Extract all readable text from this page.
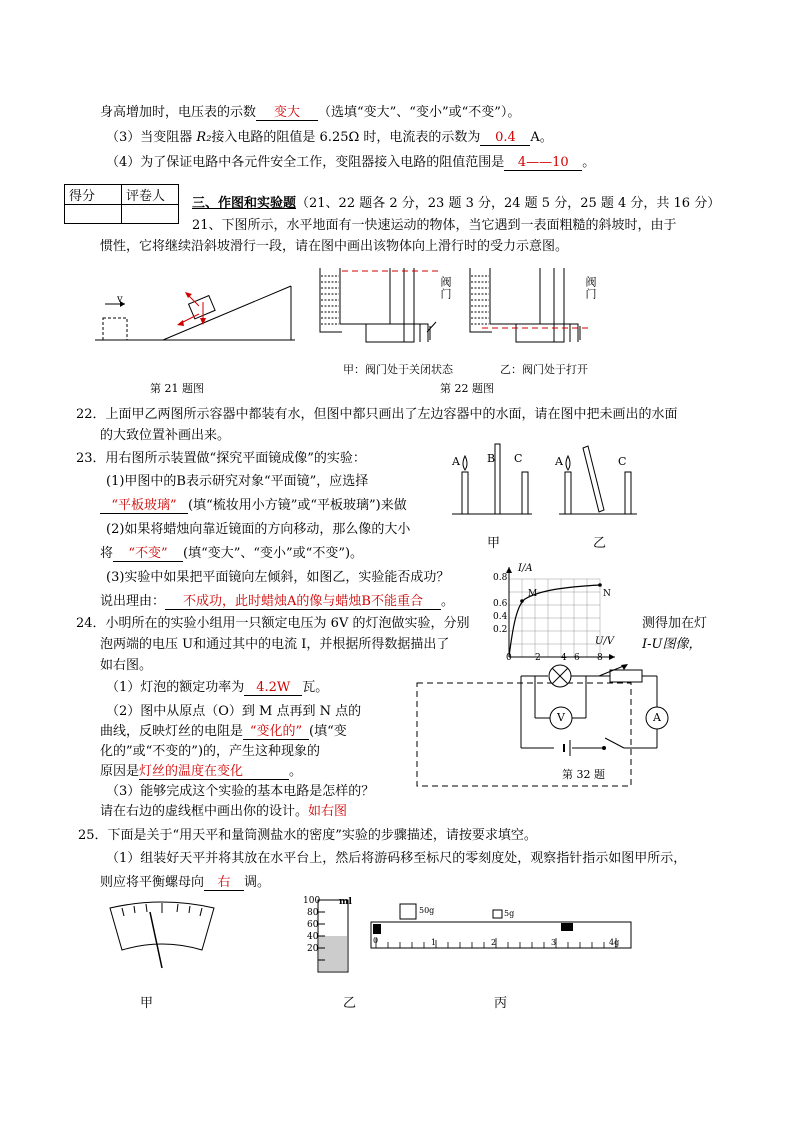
身高增加时，电压表的示数 变大 （选填“变大”、“变小”或“不变”）。
（3）当变阻器 R₂接入电路的阻值是 6.25Ω 时，电流表的示数为 0.4 A。
（4）为了保证电路中各元件安全工作，变阻器接入电路的阻值范围是 4——10 。
得分	评卷人
	三、作图和实验题（21、22 题各 2 分，23 题 3 分，24 题 5 分，25 题 4 分，共 16 分）
21、下图所示，水平地面有一快速运动的物体，当它遇到一表面粗糙的斜坡时，由于
惯性，它将继续沿斜坡滑行一段，请在图中画出该物体向上滑行时的受力示意图。
v
第 21 题图
阀门	阀门
甲：阀门处于关闭状态	乙：阀门处于打开
第 22 题图
22．上面甲乙两图所示容器中都装有水，但图中都只画出了左边容器中的水面，请在图中把未画出的水面
的大致位置补画出来。
23．用右图所示装置做“探究平面镜成像”的实验：
(1)甲图中的B表示研究对象“平面镜”，应选择
“平板玻璃” (填“梳妆用小方镜”或“平板玻璃”)来做
(2)如果将蜡烛向靠近镜面的方向移动，那么像的大小
将 “不变” (填“变大”、“变小”或“不变”)。
(3)实验中如果把平面镜向左倾斜，如图乙，实验能否成功？
说出理由： 不成功，此时蜡烛A的像与蜡烛B不能重合 。
A B C	A	C
甲	乙
24．小明所在的实验小组用一只额定电压为 6V 的灯泡做实验，分别	测得加在灯
泡两端的电压 U和通过其中的电流 I，并根据所得数据描出了	I-U图像，
如右图。
（1）灯泡的额定功率为 4.2W 瓦。
（2）图中从原点（O）到 M 点再到 N 点的
曲线，反映灯丝的电阻是 “变化的” (填“变
化的”或“不变的”)的，产生这种现象的
原因是灯丝的温度在变化	。
（3）能够完成这个实验的基本电路是怎样的？
请在右边的虚线框中画出你的设计。如右图
I/A
U/V
M	N
0.8
0.6
0.4
0.2
0	2 4 6 8
V	A
第 32 题
25．下面是关于“用天平和量筒测盐水的密度”实验的步骤描述，请按要求填空。
（1）组装好天平并将其放在水平台上，然后将游码移至标尺的零刻度处，观察指针指示如图甲所示，
则应将平衡螺母向 右 调。
ml
100
80
60
40
20
50g	5g
0	1	2	3	4g
甲	乙	丙
